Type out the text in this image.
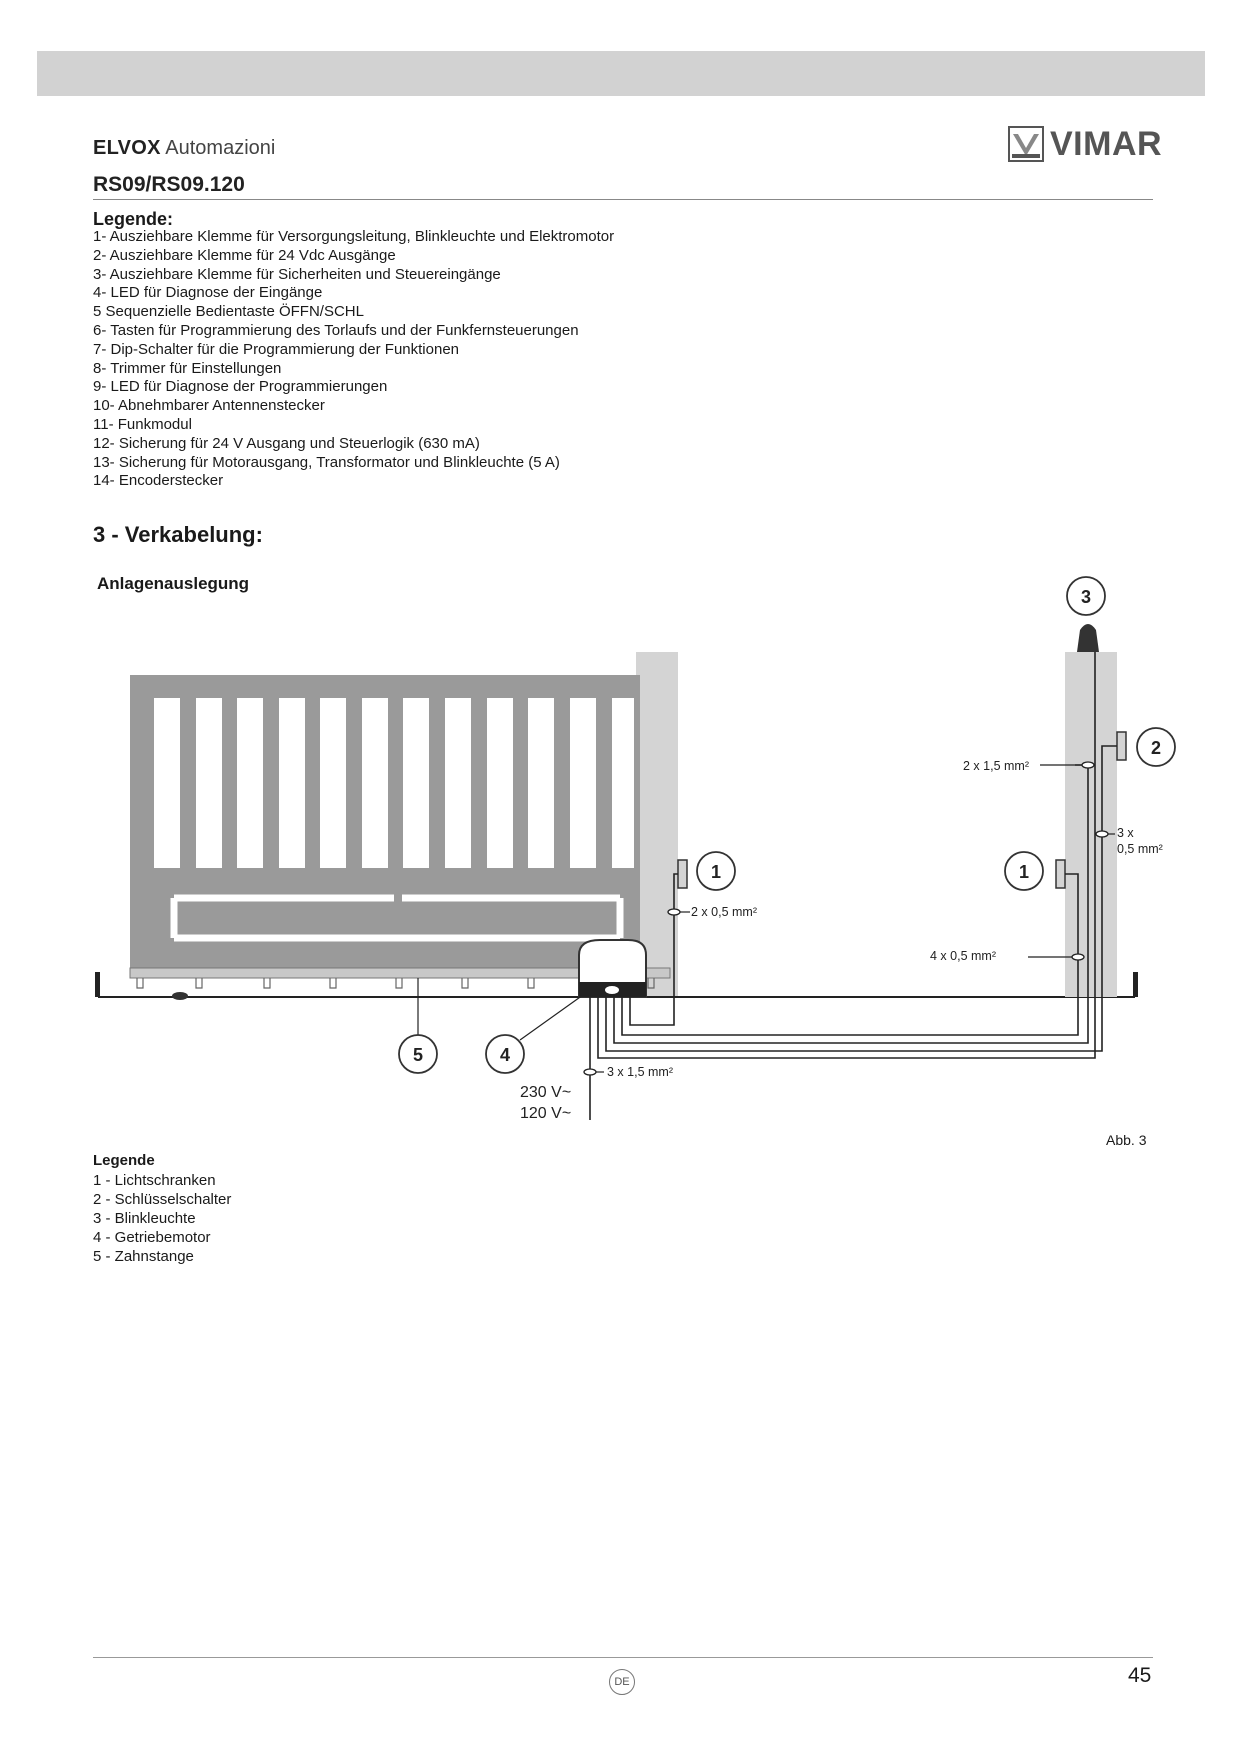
ELVOX Automazioni	VIMAR
RS09/RS09.120
Legende:
1- Ausziehbare Klemme für Versorgungsleitung, Blinkleuchte und Elektromotor
2- Ausziehbare Klemme für 24 Vdc Ausgänge
3- Ausziehbare Klemme für Sicherheiten und Steuereingänge
4- LED für Diagnose der Eingänge
5 Sequenzielle Bedientaste ÖFFN/SCHL
6- Tasten für Programmierung des Torlaufs und der Funkfernsteuerungen
7- Dip-Schalter für die Programmierung der Funktionen
8- Trimmer für Einstellungen
9- LED für Diagnose der Programmierungen
10- Abnehmbarer Antennenstecker
11- Funkmodul
12- Sicherung für 24 V Ausgang und Steuerlogik (630 mA)
13- Sicherung für Motorausgang, Transformator und Blinkleuchte (5 A)
14- Encoderstecker
3 - Verkabelung:
Anlagenauslegung
2 x 1,5 mm²
3 x
0,5 mm²
2 x 0,5 mm²
4 x 0,5 mm²
3 x 1,5 mm²
230 V~
120 V~
3
2
1	1
5	4
Abb. 3
Legende
1 - Lichtschranken
2 - Schlüsselschalter
3 - Blinkleuchte
4 - Getriebemotor
5 - Zahnstange
DE	45
